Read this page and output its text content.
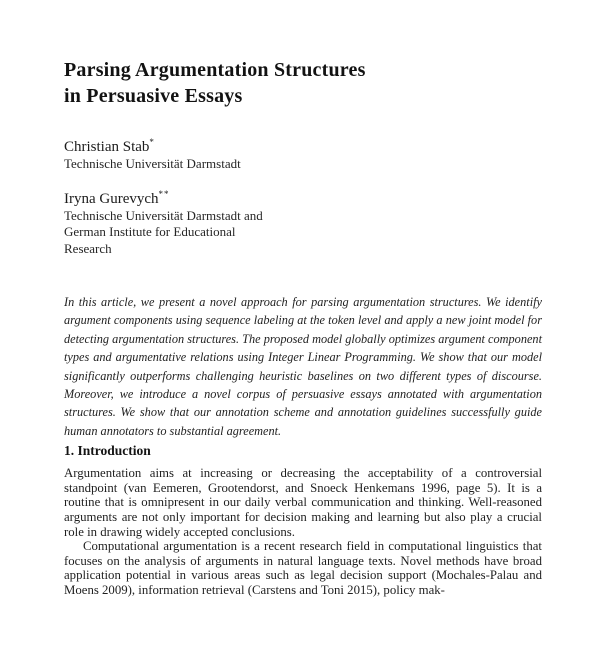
Parsing Argumentation Structures
in Persuasive Essays
Christian Stab*
Technische Universität Darmstadt
Iryna Gurevych**
Technische Universität Darmstadt and
German Institute for Educational
Research

In this article, we present a novel approach for parsing argumentation structures. We identify argument components using sequence labeling at the token level and apply a new joint model for detecting argumentation structures. The proposed model globally optimizes argument component types and argumentative relations using Integer Linear Programming. We show that our model significantly outperforms challenging heuristic baselines on two different types of discourse. Moreover, we introduce a novel corpus of persuasive essays annotated with argumentation structures. We show that our annotation scheme and annotation guidelines successfully guide human annotators to substantial agreement.

1. Introduction

Argumentation aims at increasing or decreasing the acceptability of a controversial standpoint (van Eemeren, Grootendorst, and Snoeck Henkemans 1996, page 5). It is a routine that is omnipresent in our daily verbal communication and thinking. Well-reasoned arguments are not only important for decision making and learning but also play a crucial role in drawing widely accepted conclusions.

Computational argumentation is a recent research field in computational linguistics that focuses on the analysis of arguments in natural language texts. Novel methods have broad application potential in various areas such as legal decision support (Mochales-Palau and Moens 2009), information retrieval (Carstens and Toni 2015), policy mak-
